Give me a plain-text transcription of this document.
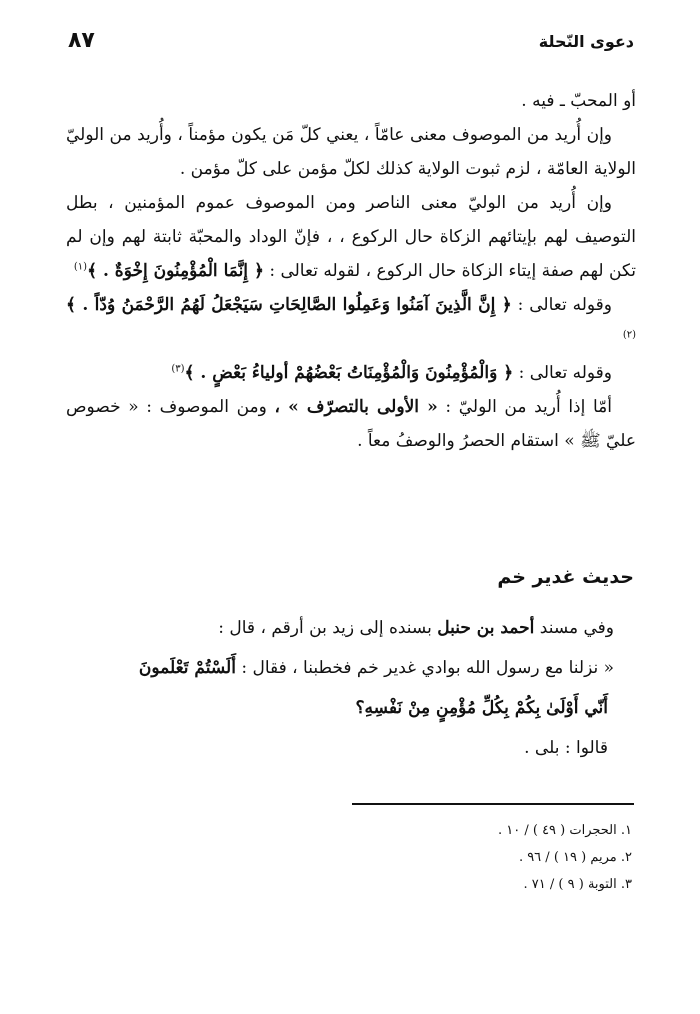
دعوى النّحلة
٨٧

أو المحبّ ـ فيه .

وإن أُريد من الموصوف معنى عامّاً ، يعني كلّ مَن يكون مؤمناً ، وأُريد من الوليّ الولاية العامّة ، لزم ثبوت الولاية كذلك لكلّ مؤمن على كلّ مؤمن .

وإن أُريد من الوليّ معنى الناصر ومن الموصوف عموم المؤمنين ، بطل التوصيف لهم بإيتائهم الزكاة حال الركوع ، ، فإنّ الوداد والمحبّة ثابتة لهم وإن لم تكن لهم صفة إيتاء الزكاة حال الركوع ، لقوله تعالى : ﴿ إِنَّمَا الْمُؤْمِنُونَ إِخْوَةٌ . ﴾$^{(١)}$

وقوله تعالى : ﴿ إِنَّ الَّذِينَ آمَنُوا وَعَمِلُوا الصَّالِحَاتِ سَيَجْعَلُ لَهُمُ الرَّحْمَنُ وُدّاً . ﴾$^{(٢)}$

وقوله تعالى : ﴿ وَالْمُؤْمِنُونَ وَالْمُؤْمِنَاتُ بَعْضُهُمْ أولياءُ بَعْضٍ . ﴾$^{(٣)}$

أمّا إذا أُريد من الوليّ : « الأولى بالتصرّف » ، ومن الموصوف : « خصوص عليّ ﷺ » استقام الحصرُ والوصفُ معاً .

حديث غدير خم

وفي مسند أحمد بن حنبل بسنده إلى زيد بن أرقم ، قال :

« نزلنا مع رسول الله بوادي غدير خم فخطبنا ، فقال : أَلَسْتُمْ تَعْلَمونَ

أَنّي أَوْلَىٰ بِكُمْ بِكُلِّ مُؤْمِنٍ مِنْ نَفْسِهِ؟

قالوا : بلى .

١. الحجرات ( ٤٩ ) / ١٠ .
٢. مريم ( ١٩ ) / ٩٦ .
٣. التوبة ( ٩ ) / ٧١ .
